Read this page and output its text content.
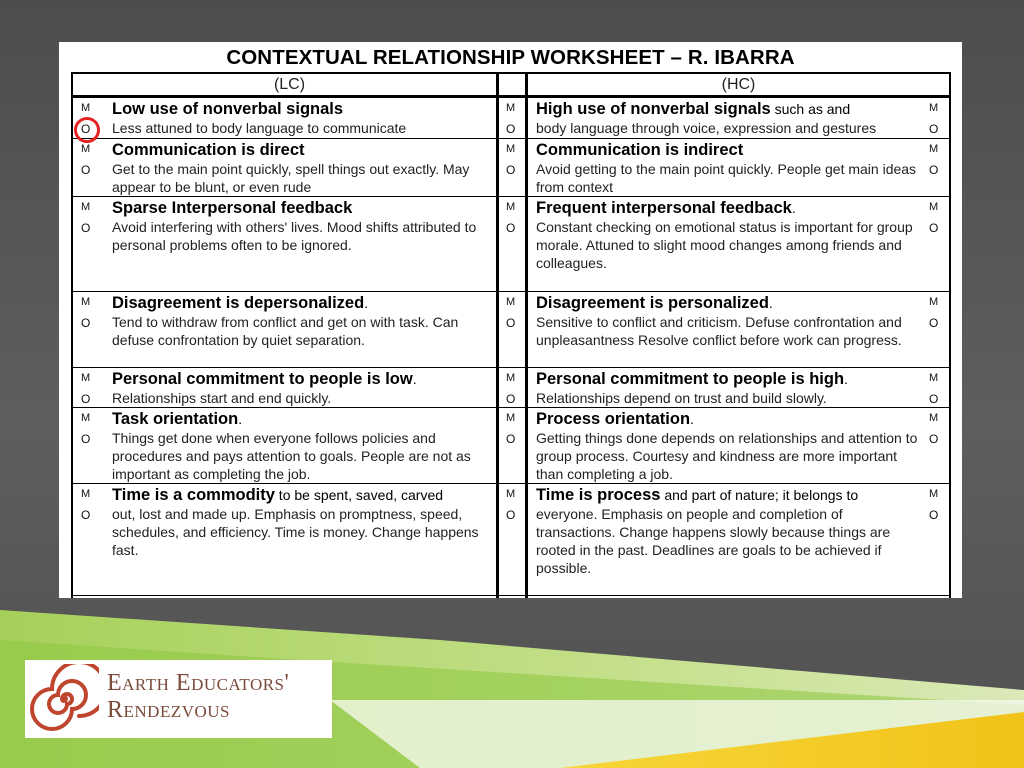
CONTEXTUAL RELATIONSHIP WORKSHEET – R. IBARRA
(LC)	(HC)
M
O
Low use of nonverbal signals
Less attuned to body language to communicate
M
O
High use of nonverbal signals such as and
body language through voice, expression and gestures
M
O
M
O
Communication is direct
Get to the main point quickly, spell things out exactly. May appear to be blunt, or even rude
M
O
Communication is indirect
Avoid getting to the main point quickly. People get main ideas from context
M
O
M
O
Sparse Interpersonal feedback
Avoid interfering with others' lives. Mood shifts attributed to personal problems often to be ignored.
M
O
Frequent interpersonal feedback.
Constant checking on emotional status is important for group morale. Attuned to slight mood changes among friends and colleagues.
M
O
M
O
Disagreement is depersonalized.
Tend to withdraw from conflict and get on with task. Can defuse confrontation by quiet separation.
M
O
Disagreement is personalized.
Sensitive to conflict and criticism. Defuse confrontation and unpleasantness Resolve conflict before work can progress.
M
O
M
O
Personal commitment to people is low.
Relationships start and end quickly.
M
O
Personal commitment to people is high.
Relationships depend on trust and build slowly.
M
O
M
O
Task orientation.
Things get done when everyone follows policies and procedures and pays attention to goals. People are not as important as completing the job.
M
O
Process orientation.
Getting things done depends on relationships and attention to group process. Courtesy and kindness are more important than completing a job.
M
O
M
O
Time is a commodity to be spent, saved, carved
out, lost and made up. Emphasis on promptness, speed, schedules, and efficiency. Time is money. Change happens fast.
M
O
Time is process and part of nature; it belongs to
everyone. Emphasis on people and completion of transactions. Change happens slowly because things are rooted in the past. Deadlines are goals to be achieved if possible.
M
O
Earth Educators'
Rendezvous
